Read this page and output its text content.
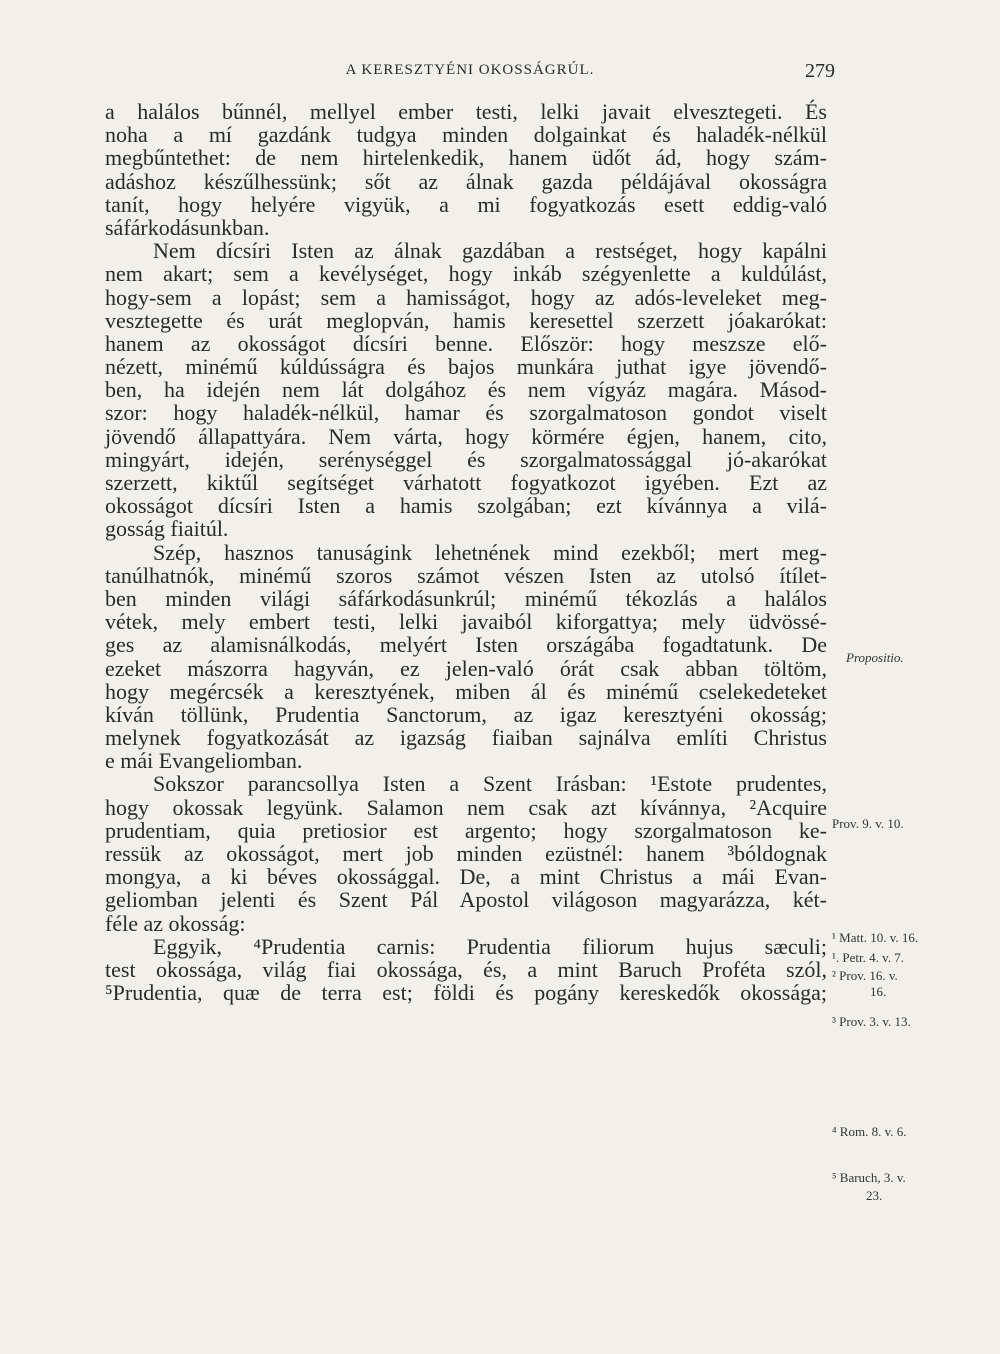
A KERESZTYÉNI OKOSSÁGRÚL.	279
a halálos bűnnél, mellyel ember testi, lelki javait elvesztegeti. És
noha a mí gazdánk tudgya minden dolgainkat és haladék-nélkül
megbűntethet: de nem hirtelenkedik, hanem üdőt ád, hogy szám-
adáshoz készűlhessünk; sőt az álnak gazda példájával okosságra
tanít, hogy helyére vigyük, a mi fogyatkozás esett eddig-való
sáfárkodásunkban.
Nem dícsíri Isten az álnak gazdában a restséget, hogy kapálni
nem akart; sem a kevélységet, hogy inkáb szégyenlette a kuldúlást,
hogy-sem a lopást; sem a hamisságot, hogy az adós-leveleket meg-
vesztegette és urát meglopván, hamis keresettel szerzett jóakarókat:
hanem az okosságot dícsíri benne. Először: hogy meszsze elő-
nézett, minémű kúldússágra és bajos munkára juthat igye jövendő-
ben, ha idején nem lát dolgához és nem vígyáz magára. Másod-
szor: hogy haladék-nélkül, hamar és szorgalmatoson gondot viselt
jövendő állapattyára. Nem várta, hogy körmére égjen, hanem, cito,
mingyárt, idején, serénységgel és szorgalmatossággal jó-akarókat
szerzett, kiktűl segítséget várhatott fogyatkozot igyében. Ezt az
okosságot dícsíri Isten a hamis szolgában; ezt kívánnya a vilá-
gosság fiaitúl.
Szép, hasznos tanuságink lehetnének mind ezekből; mert meg-
tanúlhatnók, minémű szoros számot vészen Isten az utolsó ítílet-
ben minden világi sáfárkodásunkrúl; minémű tékozlás a halálos
vétek, mely embert testi, lelki javaiból kiforgattya; mely üdvössé-
ges az alamisnálkodás, melyért Isten országába fogadtatunk. De
ezeket mászorra hagyván, ez jelen-való órát csak abban töltöm,
hogy megércsék a keresztyének, miben ál és minémű cselekedeteket
kíván töllünk, Prudentia Sanctorum, az igaz keresztyéni okosság;
melynek fogyatkozását az igazság fiaiban sajnálva említi Christus
e mái Evangeliomban.
Sokszor parancsollya Isten a Szent Irásban: ¹Estote prudentes,
hogy okossak legyünk. Salamon nem csak azt kívánnya, ²Acquire
prudentiam, quia pretiosior est argento; hogy szorgalmatoson ke-
ressük az okosságot, mert job minden ezüstnél: hanem ³bóldognak
mongya, a ki béves okossággal. De, a mint Christus a mái Evan-
geliomban jelenti és Szent Pál Apostol világoson magyarázza, két-
féle az okosság:
Eggyik, ⁴Prudentia carnis: Prudentia filiorum hujus sæculi;
test okossága, világ fiai okossága, és, a mint Baruch Proféta szól,
⁵Prudentia, quæ de terra est; földi és pogány kereskedők okossága;
Propositio.
Prov. 9. v. 10.
¹ Matt. 10. v. 16.
¹. Petr. 4. v. 7.
² Prov. 16. v.
16.
³ Prov. 3. v. 13.
⁴ Rom. 8. v. 6.
⁵ Baruch, 3. v.
23.
